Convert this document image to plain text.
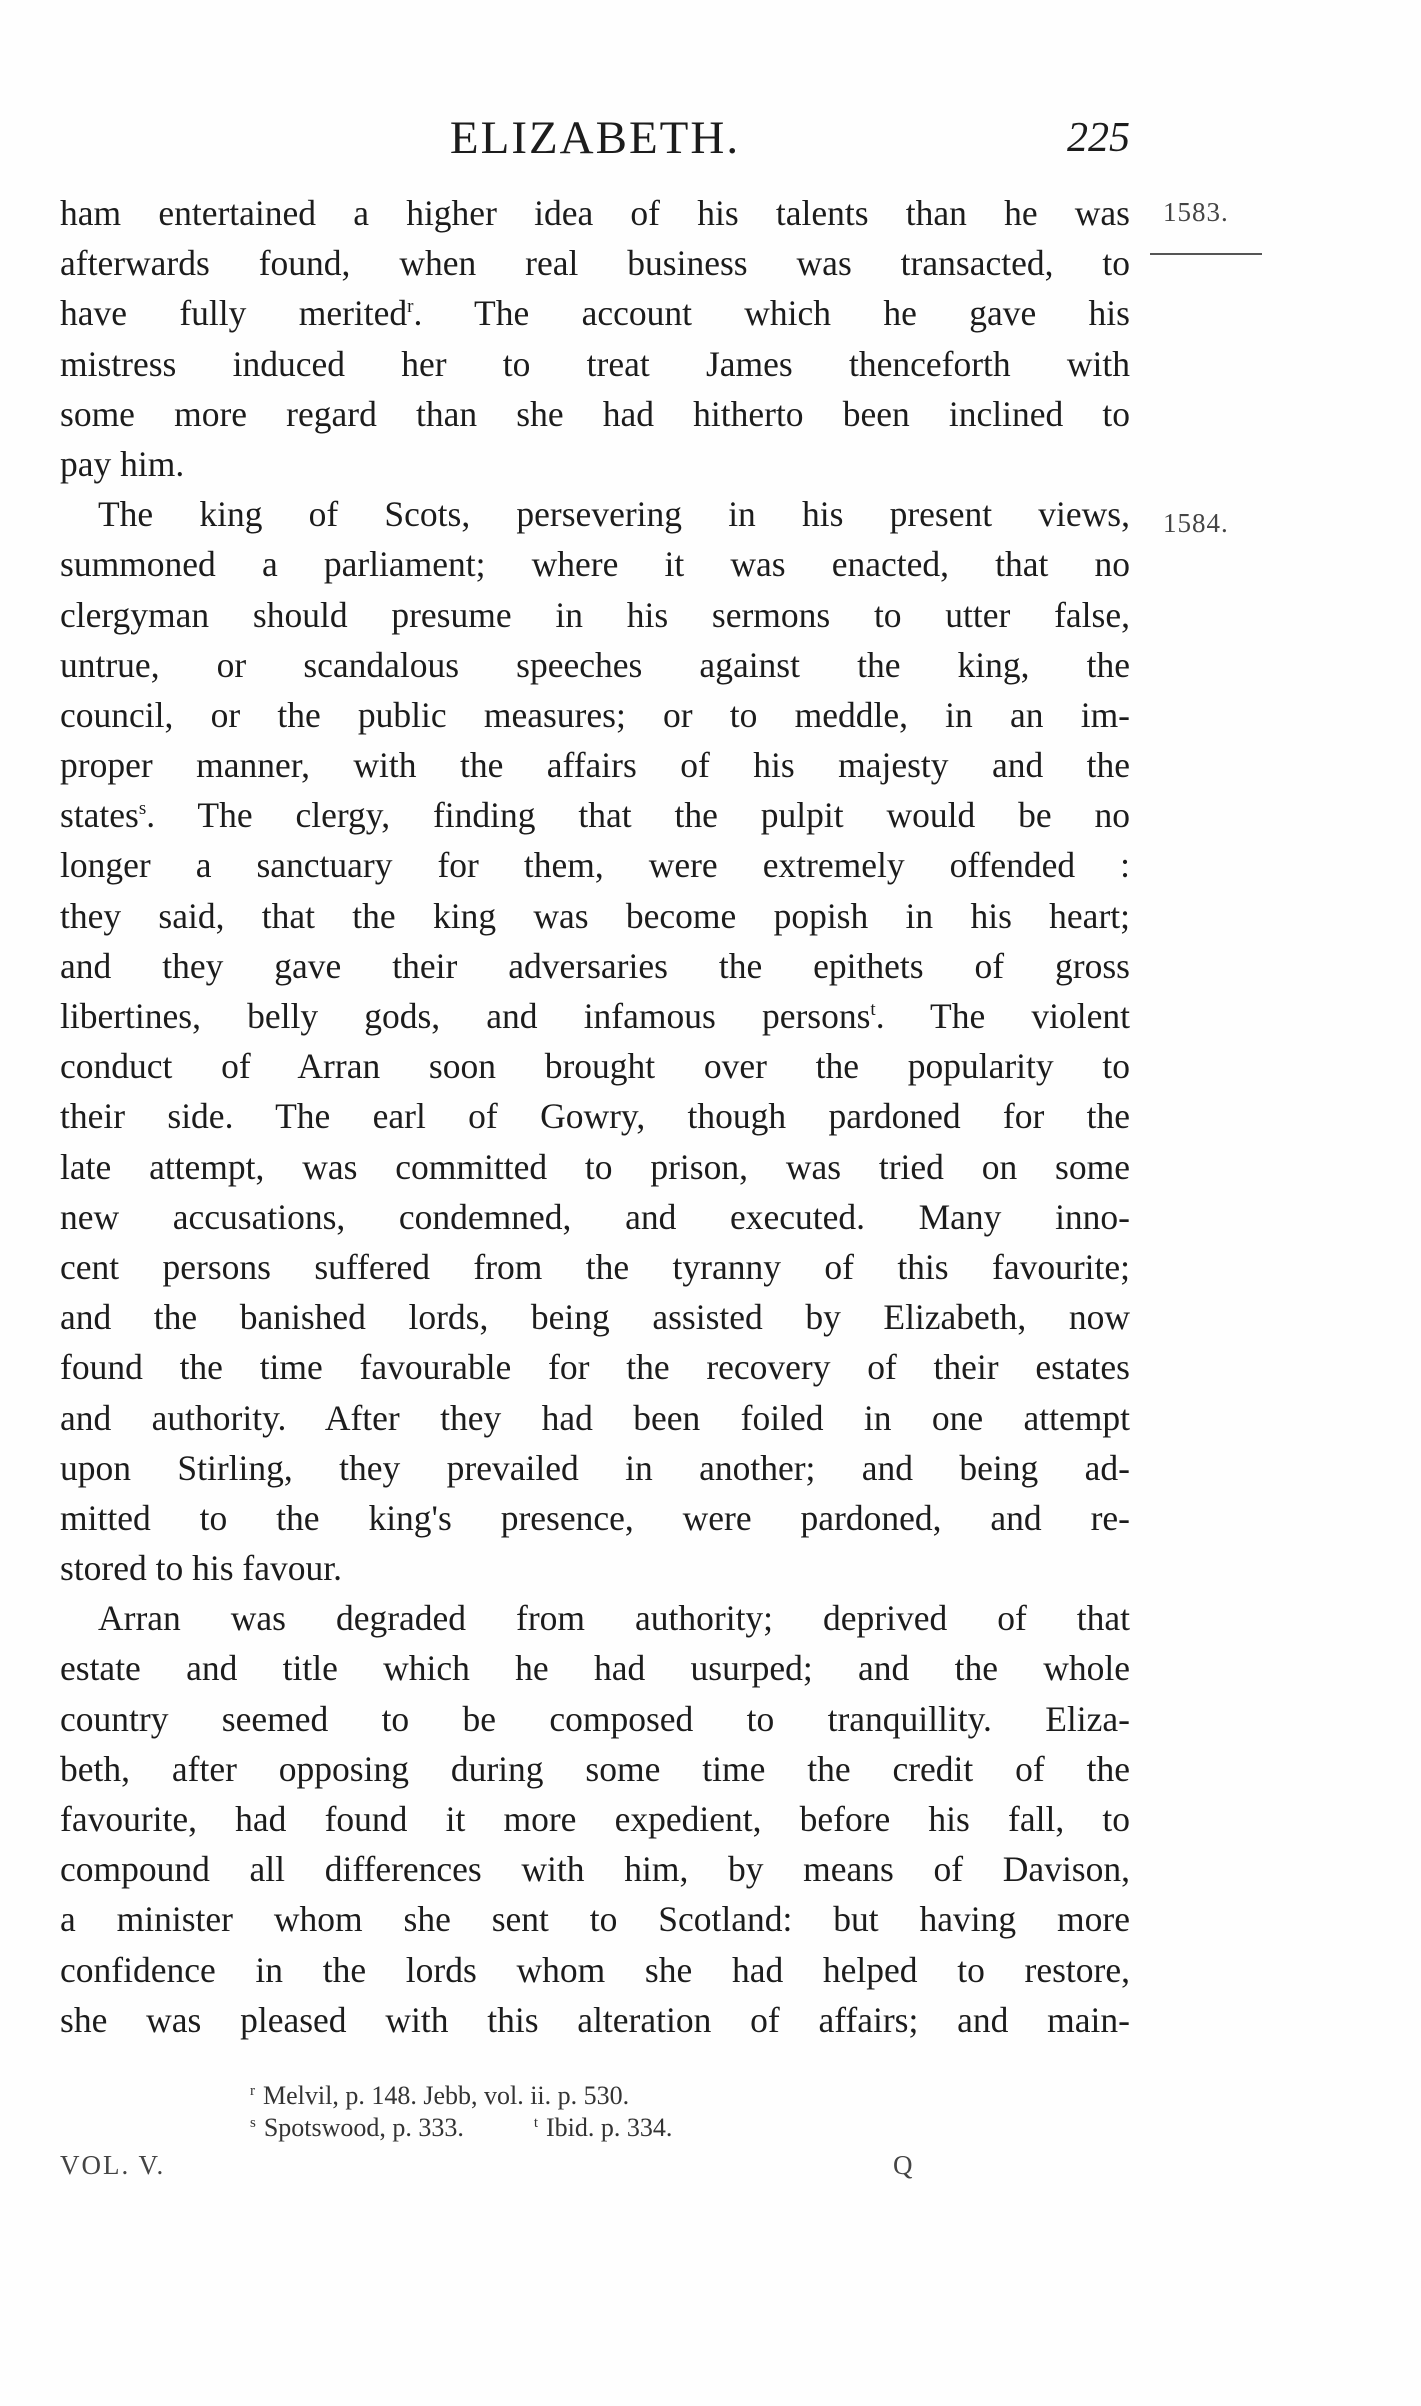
ELIZABETH.	225
1583.
1584.
ham entertained a higher idea of his talents than he was
afterwards found, when real business was transacted, to
have fully merited$^r$. The account which he gave his
mistress induced her to treat James thenceforth with
some more regard than she had hitherto been inclined to
pay him.
The king of Scots, persevering in his present views,
summoned a parliament; where it was enacted, that no
clergyman should presume in his sermons to utter false,
untrue, or scandalous speeches against the king, the
council, or the public measures; or to meddle, in an im-
proper manner, with the affairs of his majesty and the
states$^s$. The clergy, finding that the pulpit would be no
longer a sanctuary for them, were extremely offended :
they said, that the king was become popish in his heart;
and they gave their adversaries the epithets of gross
libertines, belly gods, and infamous persons$^t$. The violent
conduct of Arran soon brought over the popularity to
their side. The earl of Gowry, though pardoned for the
late attempt, was committed to prison, was tried on some
new accusations, condemned, and executed. Many inno-
cent persons suffered from the tyranny of this favourite;
and the banished lords, being assisted by Elizabeth, now
found the time favourable for the recovery of their estates
and authority. After they had been foiled in one attempt
upon Stirling, they prevailed in another; and being ad-
mitted to the king's presence, were pardoned, and re-
stored to his favour.
Arran was degraded from authority; deprived of that
estate and title which he had usurped; and the whole
country seemed to be composed to tranquillity. Eliza-
beth, after opposing during some time the credit of the
favourite, had found it more expedient, before his fall, to
compound all differences with him, by means of Davison,
a minister whom she sent to Scotland: but having more
confidence in the lords whom she had helped to restore,
she was pleased with this alteration of affairs; and main-
r Melvil, p. 148. Jebb, vol. ii. p. 530.
s Spotswood, p. 333.	t Ibid. p. 334.
VOL. V.	Q
